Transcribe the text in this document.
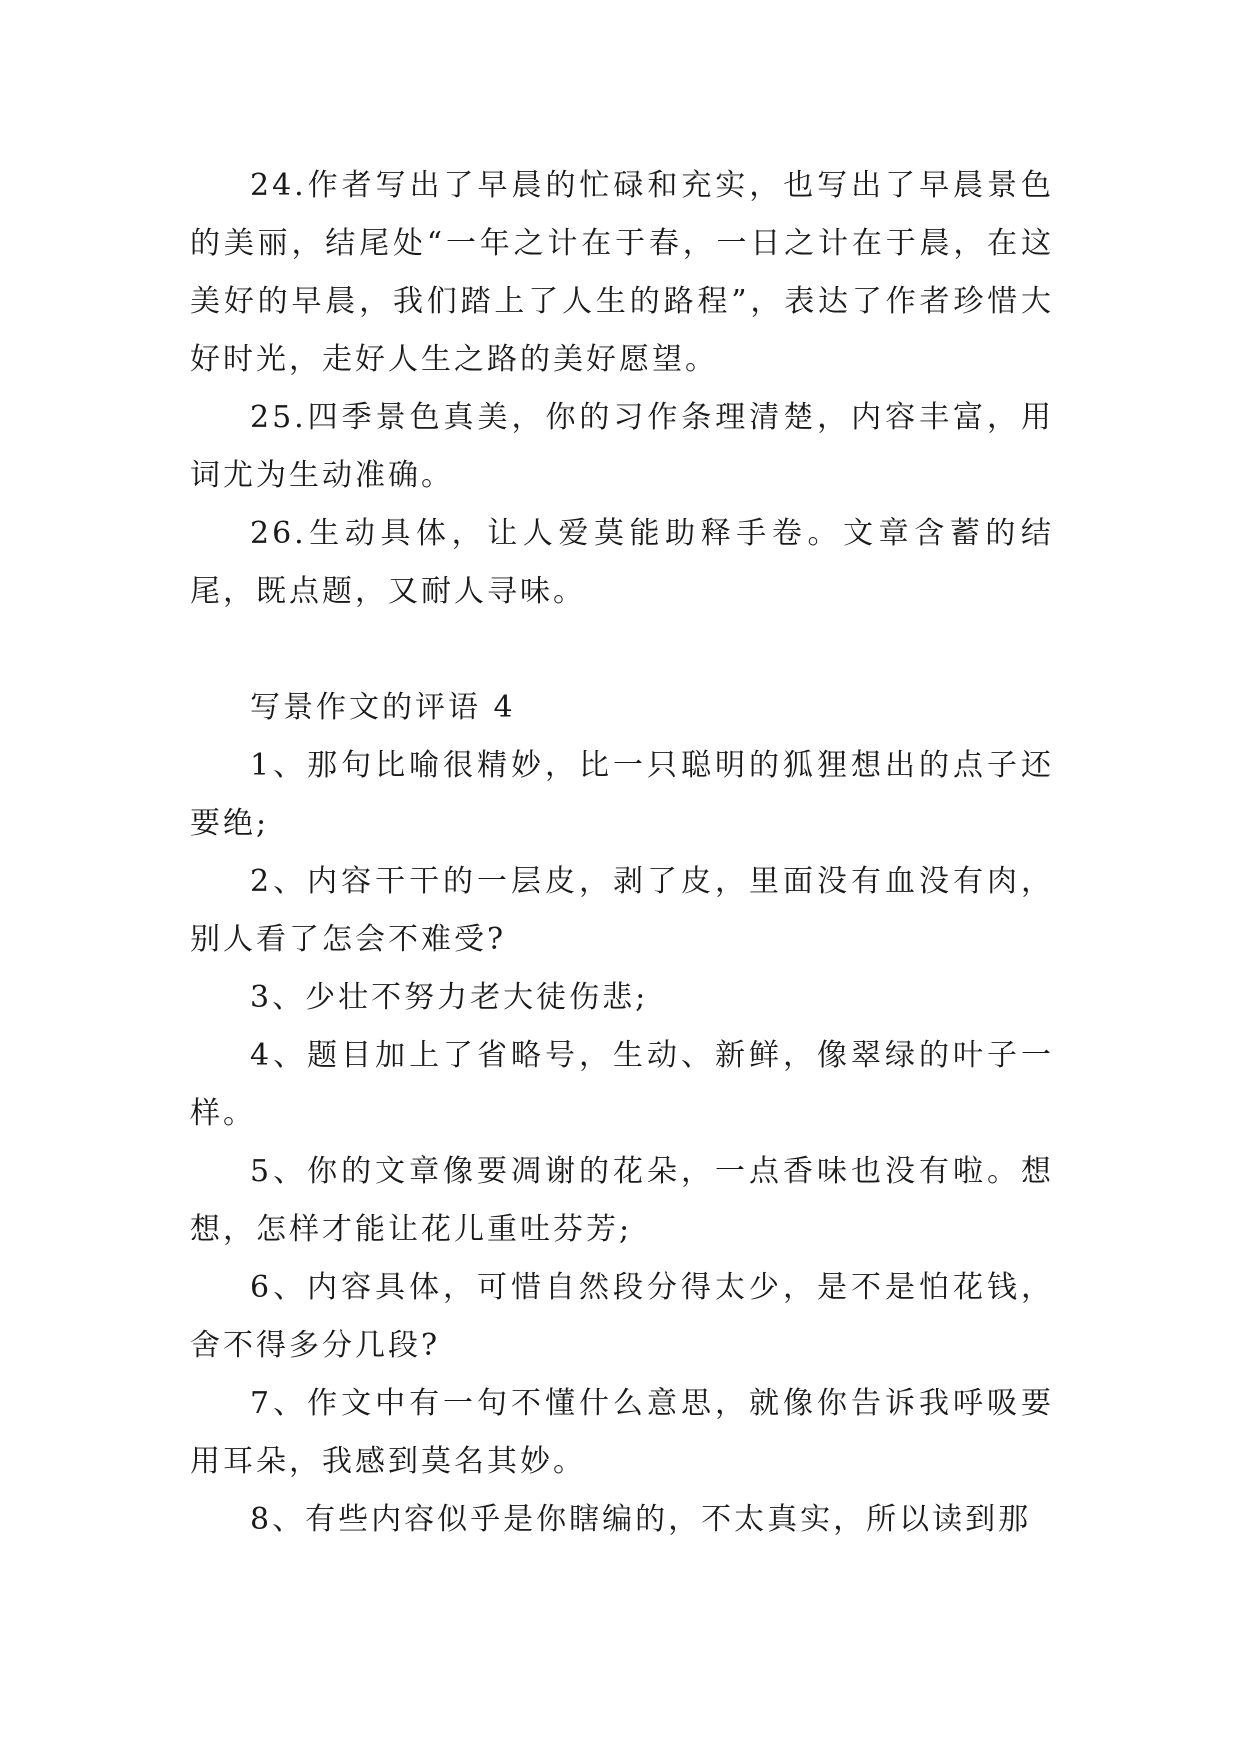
24.作者写出了早晨的忙碌和充实，也写出了早晨景色的美丽，结尾处“一年之计在于春，一日之计在于晨，在这美好的早晨，我们踏上了人生的路程”，表达了作者珍惜大好时光，走好人生之路的美好愿望。

25.四季景色真美，你的习作条理清楚，内容丰富，用词尤为生动准确。

26.生动具体，让人爱莫能助释手卷。文章含蓄的结尾，既点题，又耐人寻味。

写景作文的评语 4

1、那句比喻很精妙，比一只聪明的狐狸想出的点子还要绝;

2、内容干干的一层皮，剥了皮，里面没有血没有肉，别人看了怎会不难受?

3、少壮不努力老大徒伤悲;

4、题目加上了省略号，生动、新鲜，像翠绿的叶子一样。

5、你的文章像要凋谢的花朵，一点香味也没有啦。想想，怎样才能让花儿重吐芬芳;

6、内容具体，可惜自然段分得太少，是不是怕花钱，舍不得多分几段?

7、作文中有一句不懂什么意思，就像你告诉我呼吸要用耳朵，我感到莫名其妙。

8、有些内容似乎是你瞎编的，不太真实，所以读到那
